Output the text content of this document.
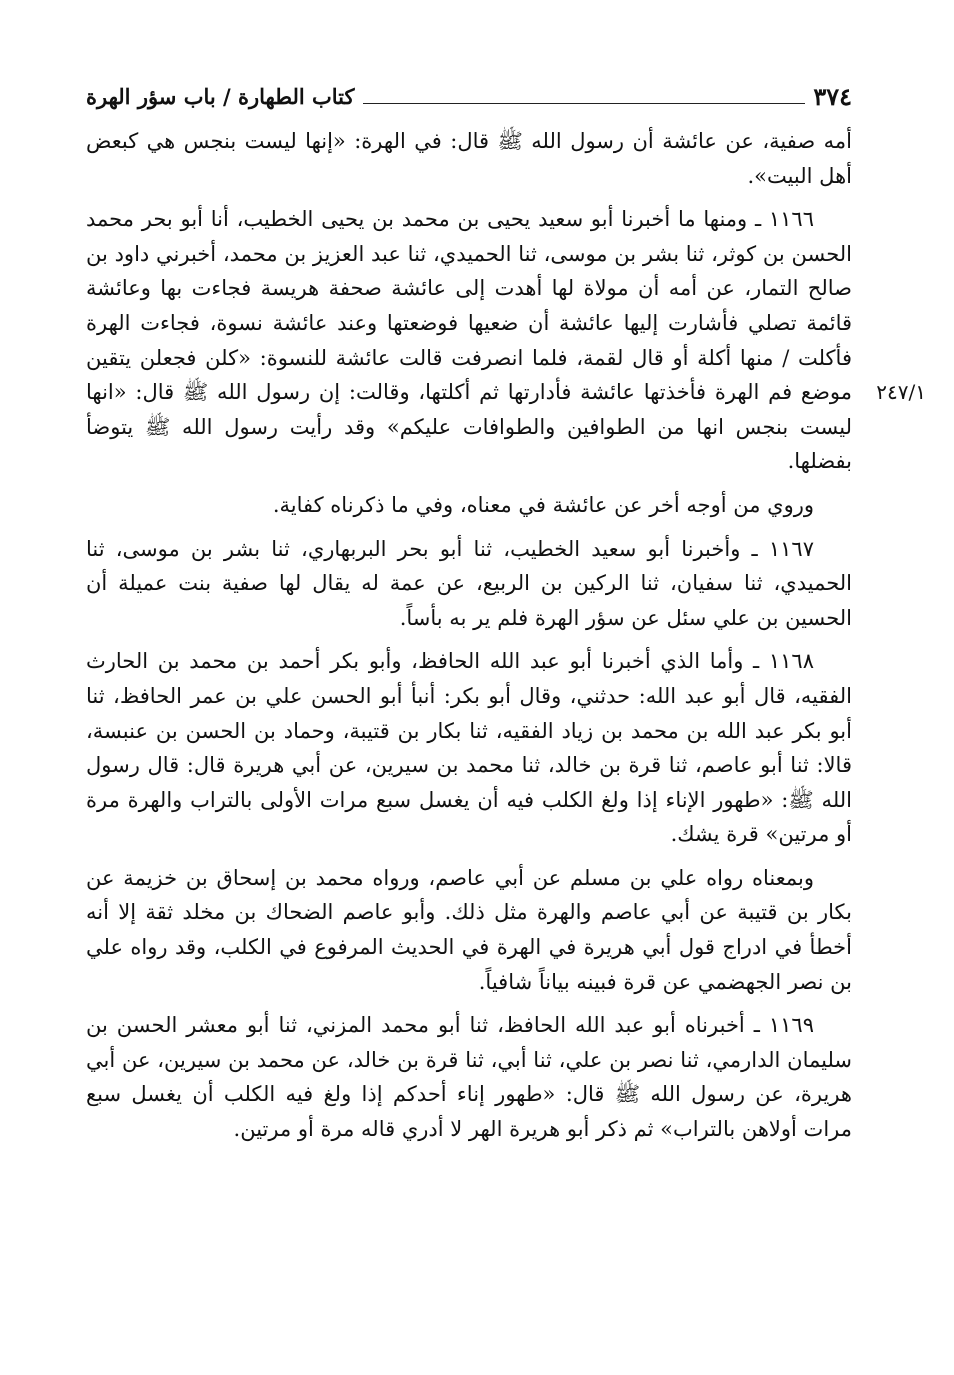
٣٧٤
كتاب الطهارة / باب سؤر الهرة
٢٤٧/١

أمه صفية، عن عائشة أن رسول الله ﷺ قال: في الهرة: «إنها ليست بنجس هي كبعض أهل البيت».

١١٦٦ ـ ومنها ما أخبرنا أبو سعيد يحيى بن محمد بن يحيى الخطيب، أنا أبو بحر محمد الحسن بن كوثر، ثنا بشر بن موسى، ثنا الحميدي، ثنا عبد العزيز بن محمد، أخبرني داود بن صالح التمار، عن أمه أن مولاة لها أهدت إلى عائشة صحفة هريسة فجاءت بها وعائشة قائمة تصلي فأشارت إليها عائشة أن ضعيها فوضعتها وعند عائشة نسوة، فجاءت الهرة فأكلت / منها أكلة أو قال لقمة، فلما انصرفت قالت عائشة للنسوة: «كلن فجعلن يتقين موضع فم الهرة فأخذتها عائشة فأدارتها ثم أكلتها، وقالت: إن رسول الله ﷺ قال: «انها ليست بنجس انها من الطوافين والطوافات عليكم» وقد رأيت رسول الله ﷺ يتوضأ بفضلها.

وروي من أوجه أخر عن عائشة في معناه، وفي ما ذكرناه كفاية.

١١٦٧ ـ وأخبرنا أبو سعيد الخطيب، ثنا أبو بحر البربهاري، ثنا بشر بن موسى، ثنا الحميدي، ثنا سفيان، ثنا الركين بن الربيع، عن عمة له يقال لها صفية بنت عميلة أن الحسين بن علي سئل عن سؤر الهرة فلم ير به بأساً.

١١٦٨ ـ وأما الذي أخبرنا أبو عبد الله الحافظ، وأبو بكر أحمد بن محمد بن الحارث الفقيه، قال أبو عبد الله: حدثني، وقال أبو بكر: أنبأ أبو الحسن علي بن عمر الحافظ، ثنا أبو بكر عبد الله بن محمد بن زياد الفقيه، ثنا بكار بن قتيبة، وحماد بن الحسن بن عنبسة، قالا: ثنا أبو عاصم، ثنا قرة بن خالد، ثنا محمد بن سيرين، عن أبي هريرة قال: قال رسول الله ﷺ: «طهور الإناء إذا ولغ الكلب فيه أن يغسل سبع مرات الأولى بالتراب والهرة مرة أو مرتين» قرة يشك.

وبمعناه رواه علي بن مسلم عن أبي عاصم، ورواه محمد بن إسحاق بن خزيمة عن بكار بن قتيبة عن أبي عاصم والهرة مثل ذلك. وأبو عاصم الضحاك بن مخلد ثقة إلا أنه أخطأ في ادراج قول أبي هريرة في الهرة في الحديث المرفوع في الكلب، وقد رواه علي بن نصر الجهضمي عن قرة فبينه بياناً شافياً.

١١٦٩ ـ أخبرناه أبو عبد الله الحافظ، ثنا أبو محمد المزني، ثنا أبو معشر الحسن بن سليمان الدارمي، ثنا نصر بن علي، ثنا أبي، ثنا قرة بن خالد، عن محمد بن سيرين، عن أبي هريرة، عن رسول الله ﷺ قال: «طهور إناء أحدكم إذا ولغ فيه الكلب أن يغسل سبع مرات أولاهن بالتراب» ثم ذكر أبو هريرة الهر لا أدري قاله مرة أو مرتين.
